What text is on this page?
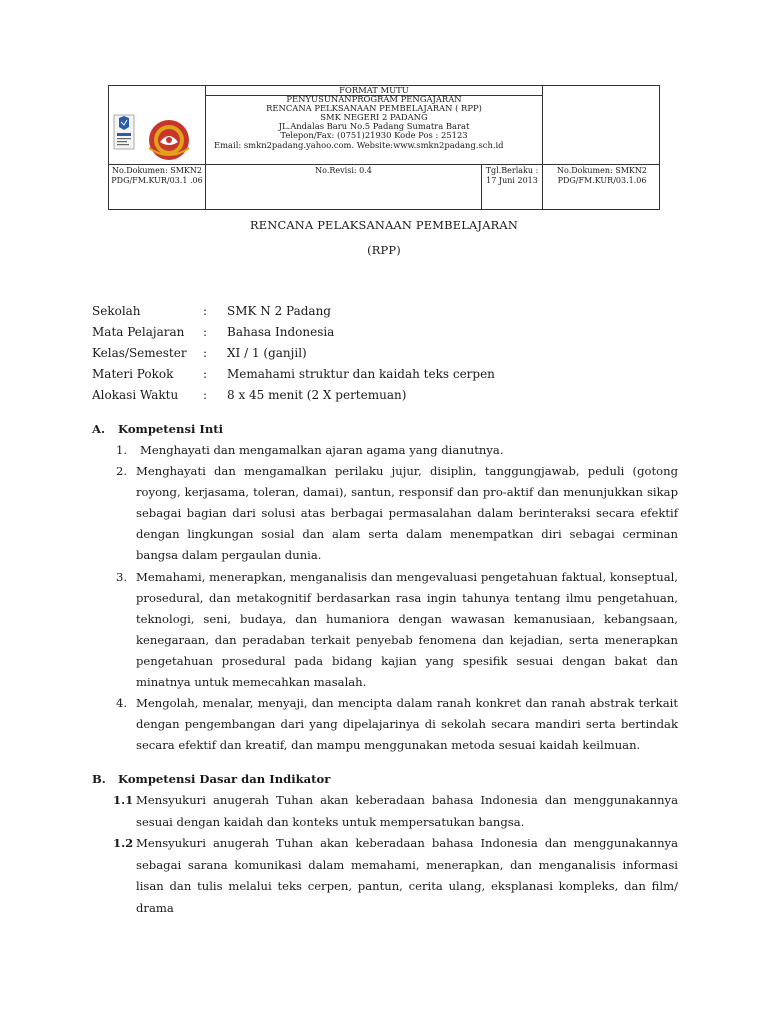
FORMAT MUTU
PENYUSUNANPROGRAM PENGAJARAN
RENCANA PELKSANAAN PEMBELAJARAN ( RPP)
SMK NEGERI 2 PADANG
JL.Andalas Baru No.5 Padang Sumatra Barat
Telepon/Fax: (0751)21930 Kode Pos : 25123
Email: smkn2padang.yahoo.com. Website:www.smkn2padang.sch.id
No.Dokumen: SMKN2 PDG/FM.KUR/03.1 .06
No.Revisi: 0.4	Tgl.Berlaku : 17 Juni 2013
No.Dokumen: SMKN2 PDG/FM.KUR/03.1.06
RENCANA PELAKSANAAN PEMBELAJARAN
(RPP)
Sekolah	: SMK N 2 Padang
Mata Pelajaran : Bahasa Indonesia
Kelas/Semester : XI / 1 (ganjil)
Materi Pokok : Memahami struktur dan kaidah teks cerpen
Alokasi Waktu : 8 x 45 menit (2 X pertemuan)
A. Kompetensi Inti
1. Menghayati dan mengamalkan ajaran agama yang dianutnya.
2. Menghayati dan mengamalkan perilaku jujur, disiplin, tanggungjawab, peduli (gotong royong, kerjasama, toleran, damai), santun, responsif dan pro-aktif dan menunjukkan sikap sebagai bagian dari solusi atas berbagai permasalahan dalam berinteraksi secara efektif dengan lingkungan sosial dan alam serta dalam menempatkan diri sebagai cerminan bangsa dalam pergaulan dunia.
3. Memahami, menerapkan, menganalisis dan mengevaluasi pengetahuan faktual, konseptual, prosedural, dan metakognitif berdasarkan rasa ingin tahunya tentang ilmu pengetahuan, teknologi, seni, budaya, dan humaniora dengan wawasan kemanusiaan, kebangsaan, kenegaraan, dan peradaban terkait penyebab fenomena dan kejadian, serta menerapkan pengetahuan prosedural pada bidang kajian yang spesifik sesuai dengan bakat dan minatnya untuk memecahkan masalah.
4. Mengolah, menalar, menyaji, dan mencipta dalam ranah konkret dan ranah abstrak terkait dengan pengembangan dari yang dipelajarinya di sekolah secara mandiri serta bertindak secara efektif dan kreatif, dan mampu menggunakan metoda sesuai kaidah keilmuan.
B. Kompetensi Dasar dan Indikator
1.1 Mensyukuri anugerah Tuhan akan keberadaan bahasa Indonesia dan menggunakannya sesuai dengan kaidah dan konteks untuk mempersatukan bangsa.
1.2 Mensyukuri anugerah Tuhan akan keberadaan bahasa Indonesia dan menggunakannya sebagai sarana komunikasi dalam memahami, menerapkan, dan menganalisis informasi lisan dan tulis melalui teks cerpen, pantun, cerita ulang, eksplanasi kompleks, dan film/ drama
